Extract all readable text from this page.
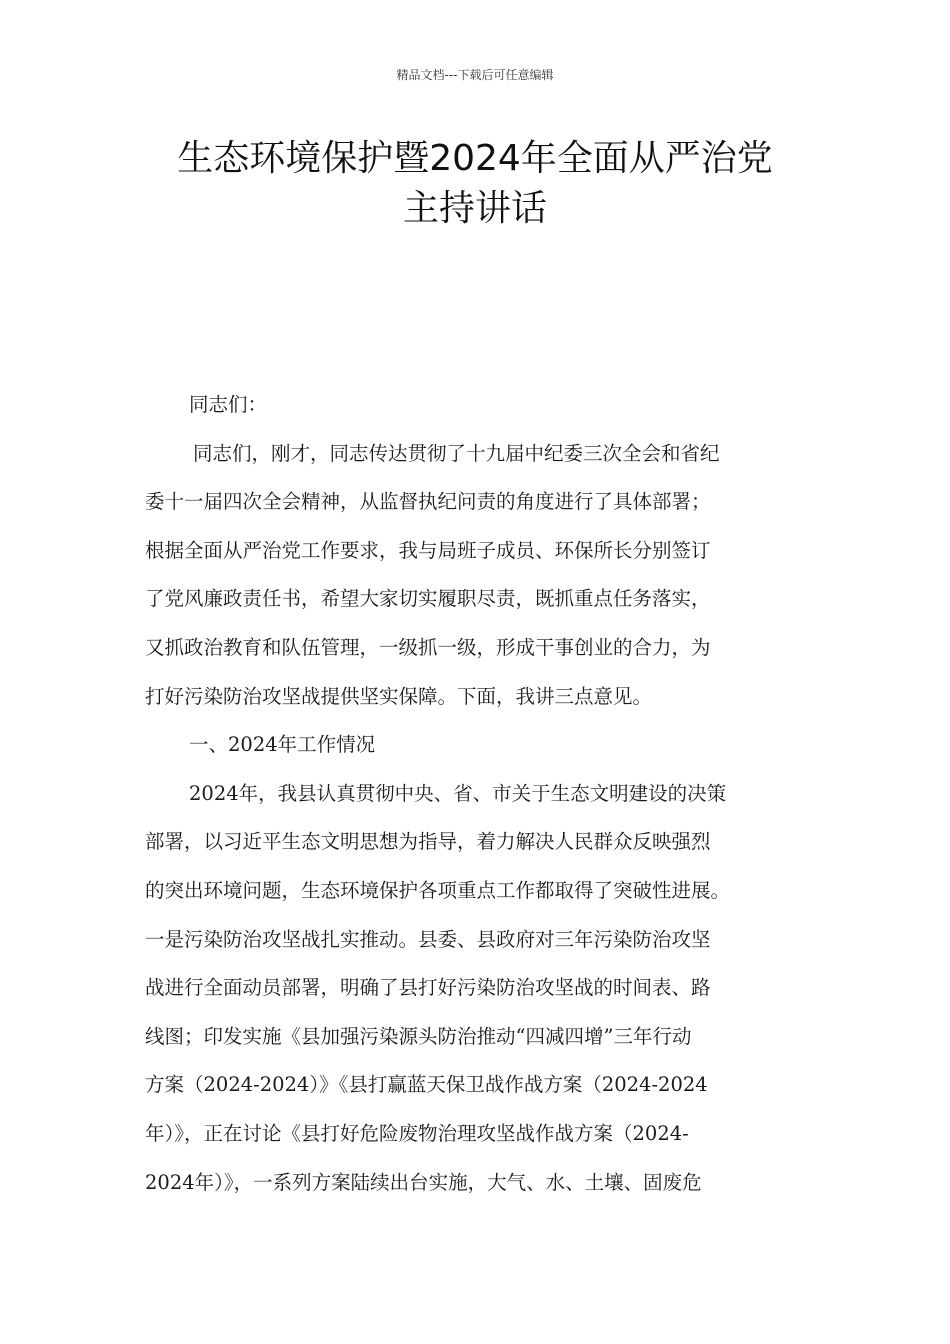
精品文档---下载后可任意编辑
生态环境保护暨2024年全面从严治党
主持讲话
同志们：
同志们，刚才，同志传达贯彻了十九届中纪委三次全会和省纪
委十一届四次全会精神，从监督执纪问责的角度进行了具体部署；
根据全面从严治党工作要求，我与局班子成员、环保所长分别签订
了党风廉政责任书，希望大家切实履职尽责，既抓重点任务落实，
又抓政治教育和队伍管理，一级抓一级，形成干事创业的合力，为
打好污染防治攻坚战提供坚实保障。下面，我讲三点意见。
一、2024年工作情况
2024年，我县认真贯彻中央、省、市关于生态文明建设的决策
部署，以习近平生态文明思想为指导，着力解决人民群众反映强烈
的突出环境问题，生态环境保护各项重点工作都取得了突破性进展。
一是污染防治攻坚战扎实推动。县委、县政府对三年污染防治攻坚
战进行全面动员部署，明确了县打好污染防治攻坚战的时间表、路
线图；印发实施《县加强污染源头防治推动“四减四增”三年行动
方案（2024-2024）》《县打赢蓝天保卫战作战方案（2024-2024
年）》，正在讨论《县打好危险废物治理攻坚战作战方案（2024-
2024年）》，一系列方案陆续出台实施，大气、水、土壤、固废危
